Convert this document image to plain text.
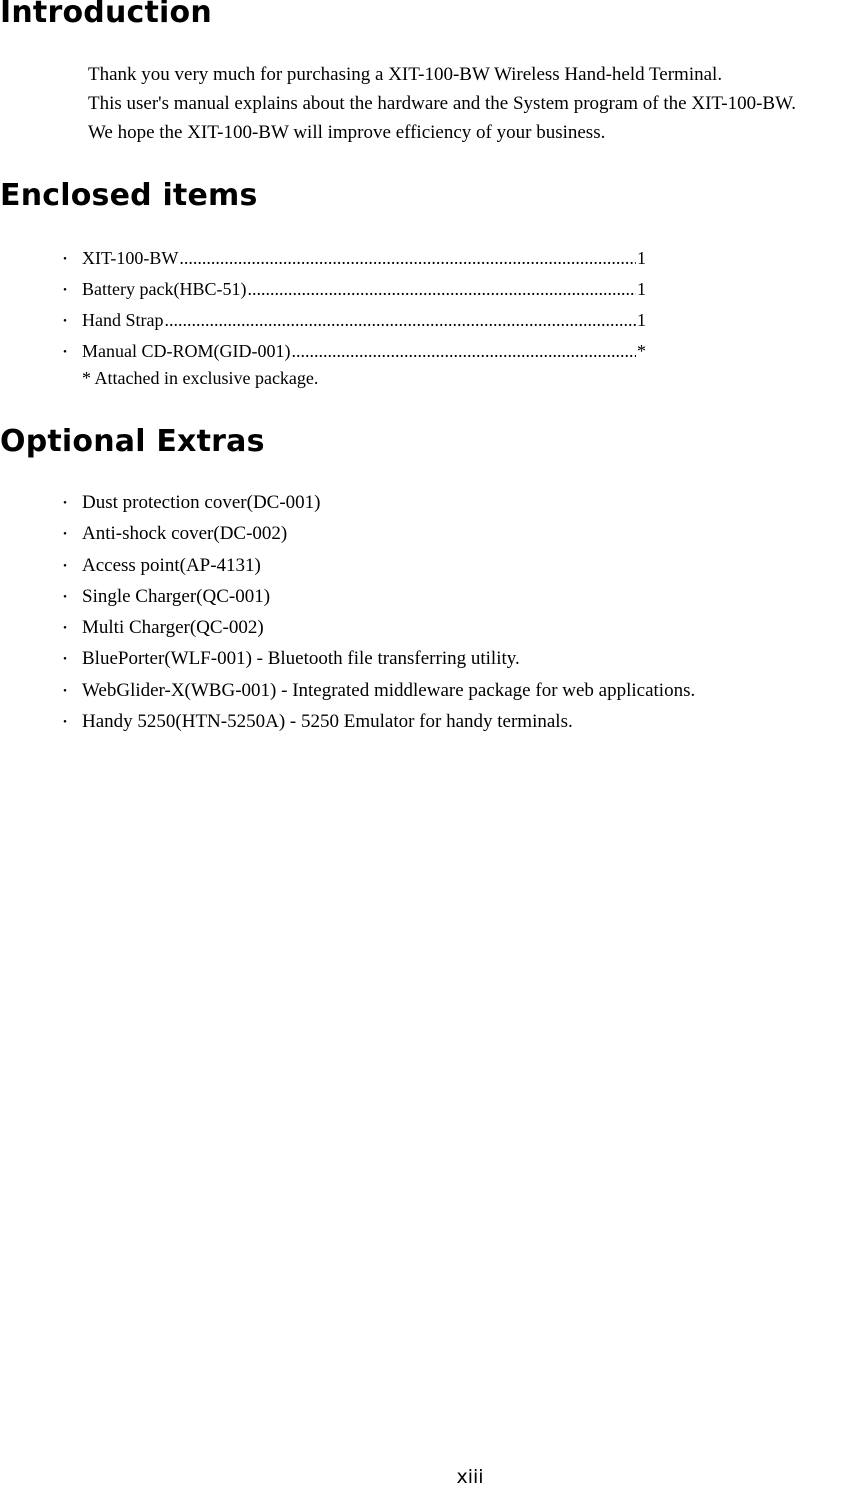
Introduction
Thank you very much for purchasing a XIT-100-BW Wireless Hand-held Terminal.
This user's manual explains about the hardware and the System program of the XIT-100-BW.
We hope the XIT-100-BW will improve efficiency of your business.
Enclosed items
・ XIT-100-BW .....	1
・ Battery pack(HBC-51) .....	1
・ Hand Strap .....	1
・ Manual CD-ROM(GID-001) .....	*

* Attached in exclusive package.

Optional Extras
・ Dust protection cover(DC-001)
・ Anti-shock cover(DC-002)
・ Access point(AP-4131)
・ Single Charger(QC-001)
・ Multi Charger(QC-002)
・ BluePorter(WLF-001) - Bluetooth file transferring utility.
・ WebGlider-X(WBG-001) - Integrated middleware package for web applications.
・ Handy 5250(HTN-5250A) - 5250 Emulator for handy terminals.

xiii
